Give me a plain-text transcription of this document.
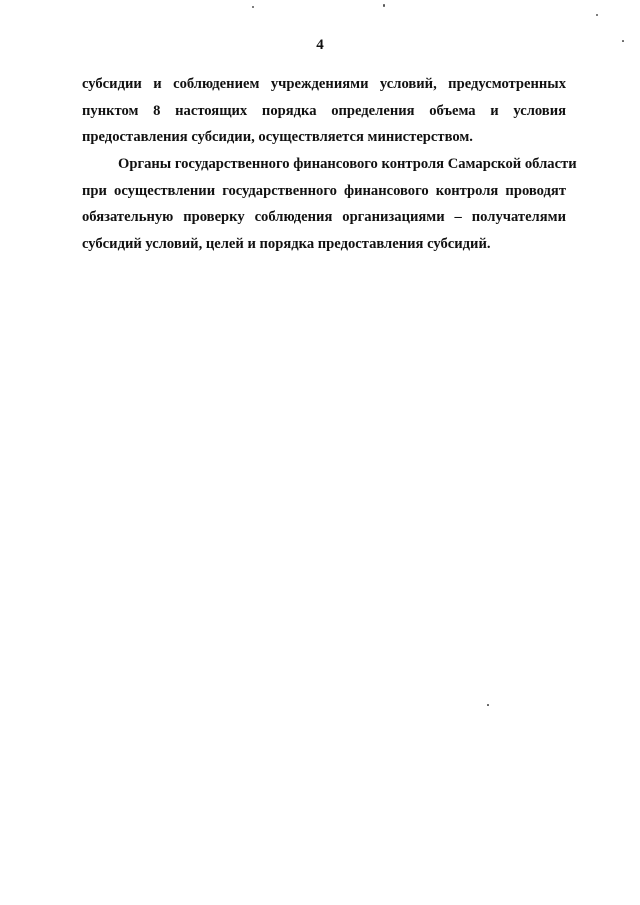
4
субсидии и соблюдением учреждениями условий, предусмотренных
пунктом 8 настоящих порядка определения объема и условия
предоставления субсидии, осуществляется министерством.
Органы государственного финансового контроля Самарской области
при осуществлении государственного финансового контроля проводят
обязательную проверку соблюдения организациями – получателями
субсидий условий, целей и порядка предоставления субсидий.
